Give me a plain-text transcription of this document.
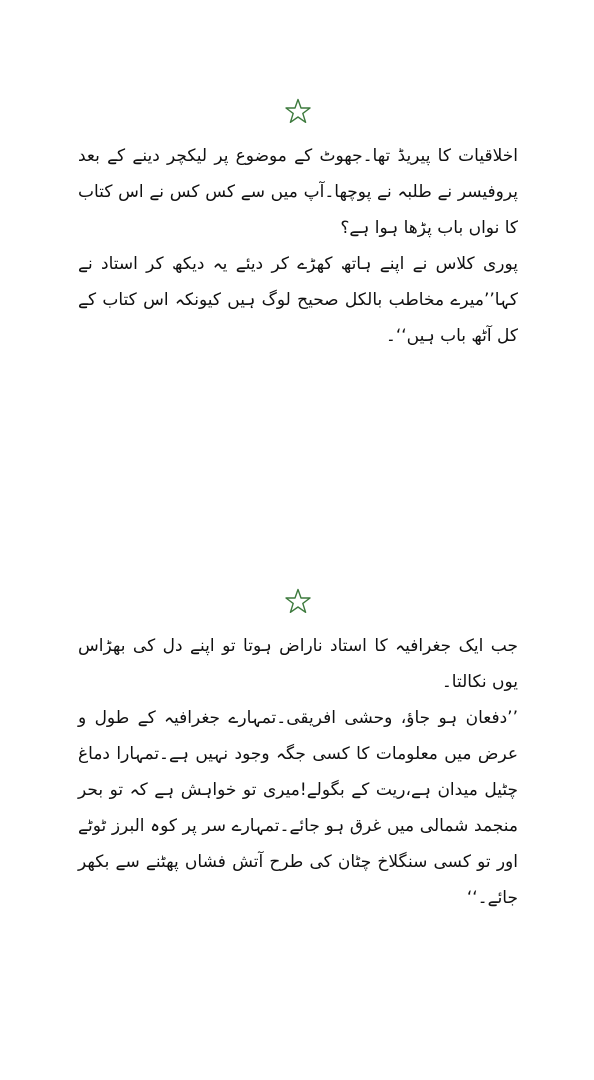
اخلاقیات کا پیریڈ تھا۔جھوٹ کے موضوع پر لیکچر دینے کے بعد پروفیسر نے طلبہ نے پوچھا۔آپ میں سے کس کس نے اس کتاب کا نواں باب پڑھا ہوا ہے؟

پوری کلاس نے اپنے ہاتھ کھڑے کر دیئے یہ دیکھ کر استاد نے کہا’’میرے مخاطب بالکل صحیح لوگ ہیں کیونکہ اس کتاب کے کل آٹھ باب ہیں‘‘۔

جب ایک جغرافیہ کا استاد ناراض ہوتا تو اپنے دل کی بھڑاس یوں نکالتا۔

’’دفعان ہو جاؤ، وحشی افریقی۔تمہارے جغرافیہ کے طول و عرض میں معلومات کا کسی جگہ وجود نہیں ہے۔تمہارا دماغ چٹیل میدان ہے،ریت کے بگولے!میری تو خواہش ہے کہ تو بحر منجمد شمالی میں غرق ہو جائے۔تمہارے سر پر کوہ البرز ٹوٹے اور تو کسی سنگلاخ چٹان کی طرح آتش فشاں پھٹنے سے بکھر جائے۔‘‘
